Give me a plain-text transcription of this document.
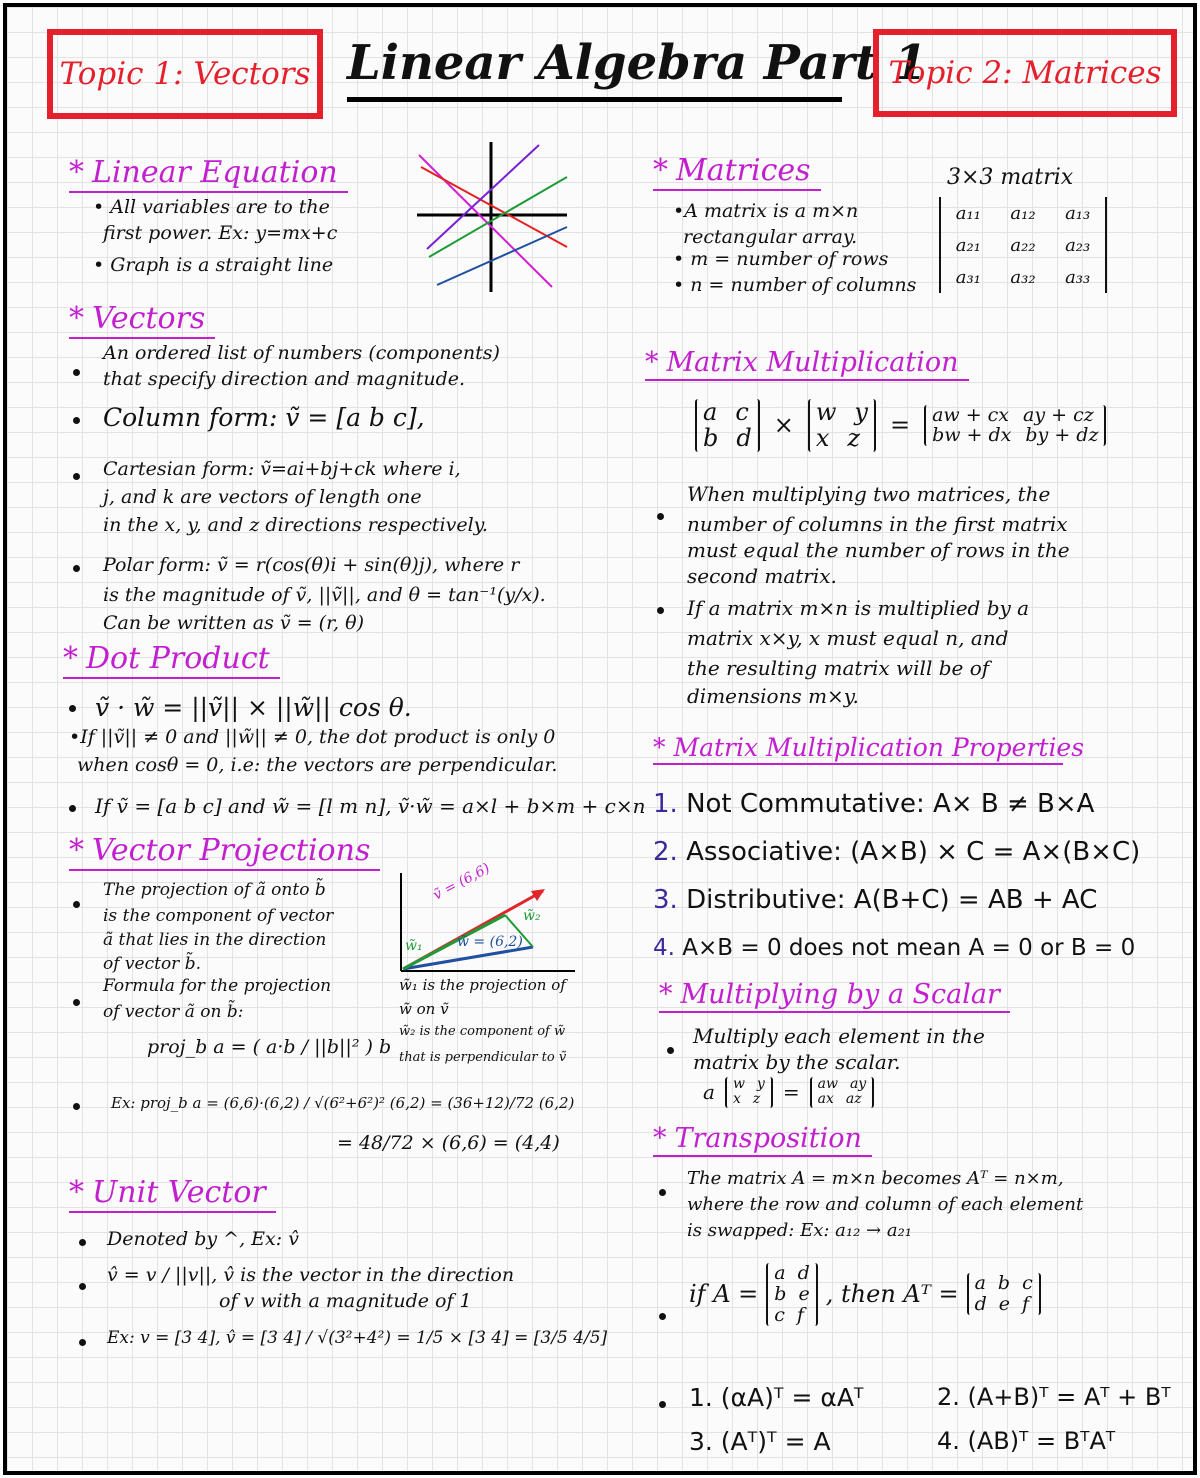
Topic 1: Vectors Linear Algebra Part 1
Topic 2: Matrices
* Linear Equation
• All variables are to the
first power. Ex: y=mx+c
• Graph is a straight line
* Vectors
An ordered list of numbers (components)
that specify direction and magnitude.
Column form: ṽ = [a b c],
Cartesian form: ṽ=ai+bj+ck where i,
j, and k are vectors of length one
in the x, y, and z directions respectively.
Polar form: ṽ = r(cos(θ)i + sin(θ)j), where r
is the magnitude of ṽ, ||ṽ||, and θ = tan⁻¹(y/x).
Can be written as ṽ = (r, θ)
* Dot Product
ṽ · w̃ = ||ṽ|| × ||w̃|| cos θ.
•If ||ṽ|| ≠ 0 and ||w̃|| ≠ 0, the dot product is only 0
when cosθ = 0, i.e: the vectors are perpendicular.
If ṽ = [a b c] and w̃ = [l m n], ṽ·w̃ = a×l + b×m + c×n
* Vector Projections
The projection of ã onto b̃
is the component of vector
ã that lies in the direction
of vector b̃.
Formula for the projection
of vector ã on b̃:
proj_b a = ( a·b / ||b||² ) b
Ex: proj_b a = (6,6)·(6,2) / √(6²+6²)² (6,2) = (36+12)/72 (6,2)
= 48/72 × (6,6) = (4,4)
ṽ = (6,6)
w̃ = (6,2)
w̃₁
w̃₂
w̃₁ is the projection of
w̃ on ṽ
w̃₂ is the component of w̃
that is perpendicular to ṽ
* Unit Vector
Denoted by ^, Ex: v̂
v̂ = v / ||v||, v̂ is the vector in the direction
of v with a magnitude of 1
Ex: v = [3 4], v̂ = [3 4] / √(3²+4²) = 1/5 × [3 4] = [3/5 4/5]
* Matrices
•A matrix is a m×n
rectangular array.
• m = number of rows
• n = number of columns
3×3 matrix
a₁₁ a₁₂ a₁₃
a₂₁ a₂₂ a₂₃
a₃₁ a₃₂ a₃₃
* Matrix Multiplication
a c
b d × w y
x z = aw + cx ay + cz
bw + dx by + dz
When multiplying two matrices, the
number of columns in the first matrix
must equal the number of rows in the
second matrix.
If a matrix m×n is multiplied by a
matrix x×y, x must equal n, and
the resulting matrix will be of
dimensions m×y.
* Matrix Multiplication Properties
1. Not Commutative: A× B ≠ B×A
2. Associative: (A×B) × C = A×(B×C)
3. Distributive: A(B+C) = AB + AC
4. A×B = 0 does not mean A = 0 or B = 0
* Multiplying by a Scalar
Multiply each element in the
matrix by the scalar.
a w y
x z = aw ay
ax az
* Transposition
The matrix A = m×n becomes Aᵀ = n×m,
where the row and column of each element
is swapped: Ex: a₁₂ → a₂₁
if A =
a d
b e
c f
, then Aᵀ = a b c
d e f
1. (αA)ᵀ = αAᵀ	2. (A+B)ᵀ = Aᵀ + Bᵀ
3. (Aᵀ)ᵀ = A	4. (AB)ᵀ = BᵀAᵀ
